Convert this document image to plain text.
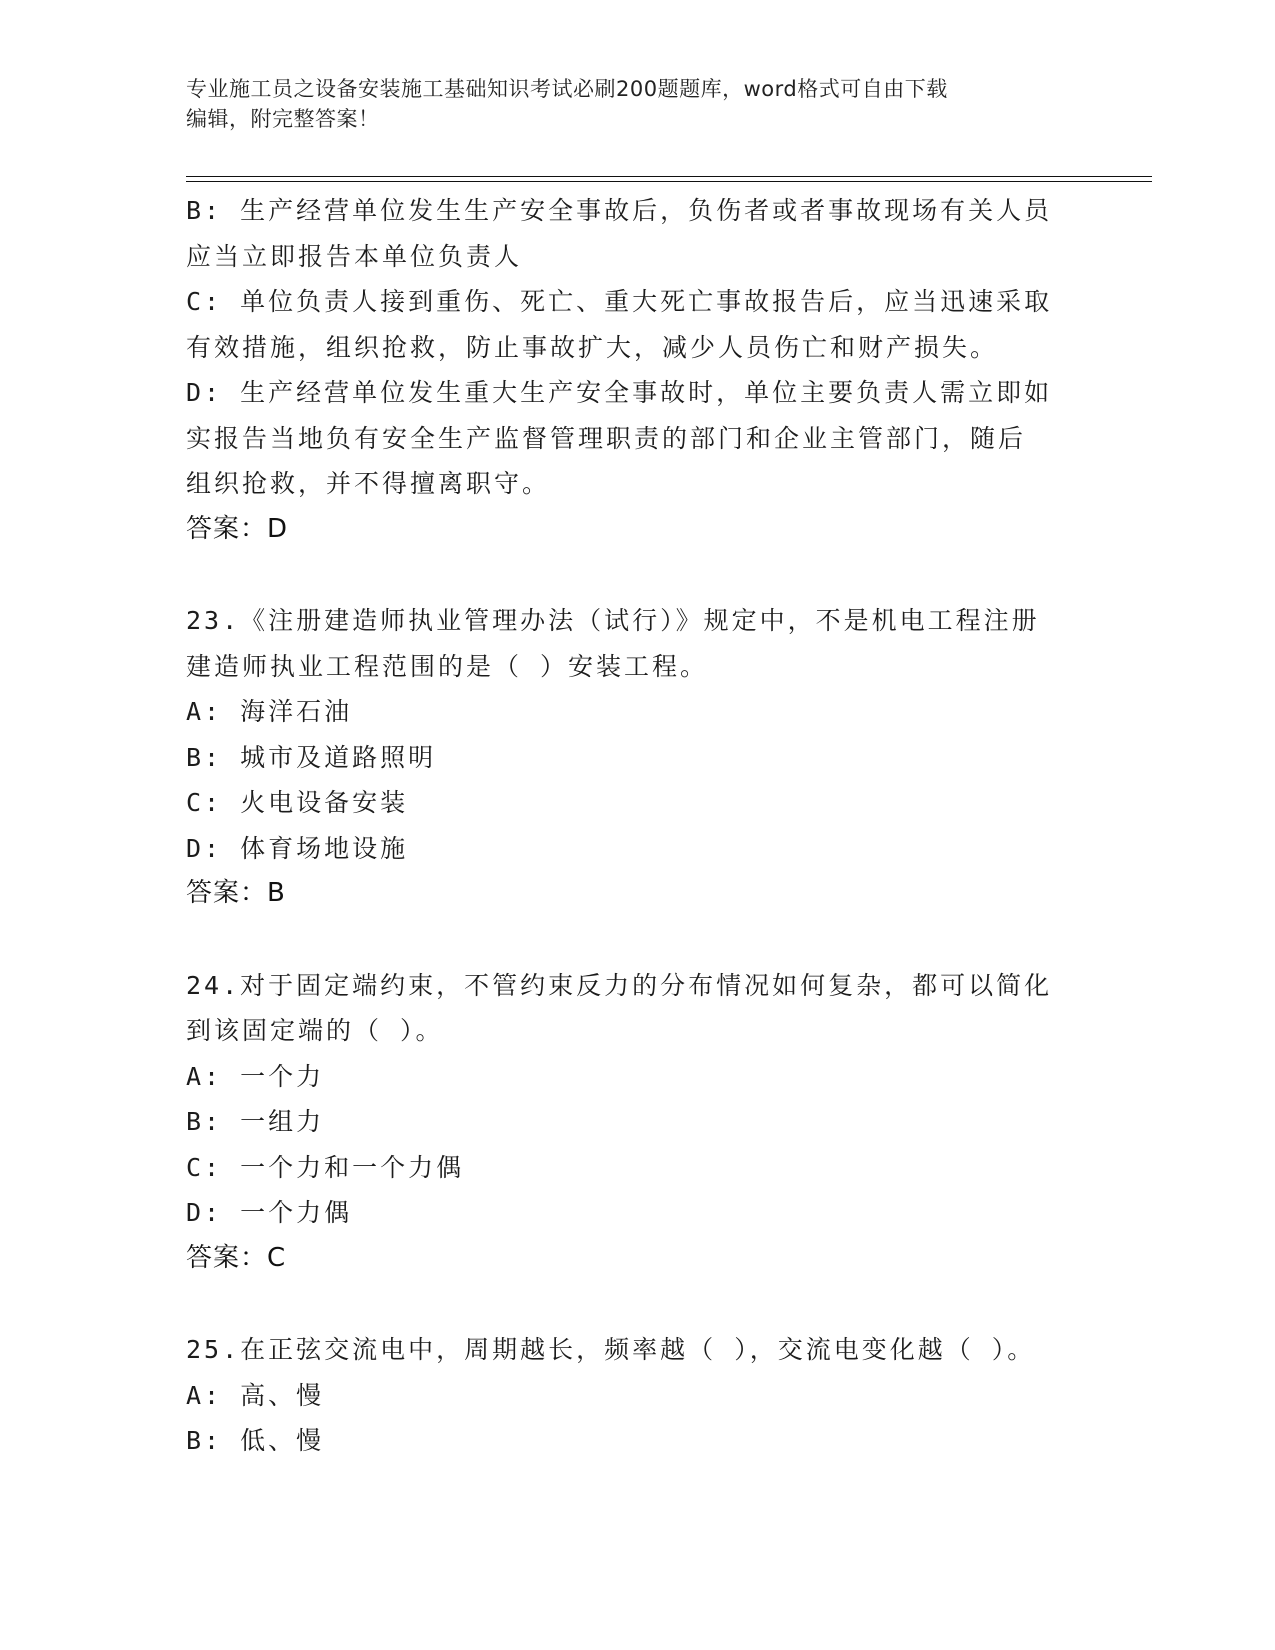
专业施工员之设备安装施工基础知识考试必刷200题题库，word格式可自由下载
编辑，附完整答案！
B: 生产经营单位发生生产安全事故后，负伤者或者事故现场有关人员
应当立即报告本单位负责人
C: 单位负责人接到重伤、死亡、重大死亡事故报告后，应当迅速采取
有效措施，组织抢救，防止事故扩大，减少人员伤亡和财产损失。
D: 生产经营单位发生重大生产安全事故时，单位主要负责人需立即如
实报告当地负有安全生产监督管理职责的部门和企业主管部门，随后
组织抢救，并不得擅离职守。
答案：D
23.《注册建造师执业管理办法（试行）》规定中，不是机电工程注册
建造师执业工程范围的是（ ）安装工程。
A: 海洋石油
B: 城市及道路照明
C: 火电设备安装
D: 体育场地设施
答案：B
24.对于固定端约束，不管约束反力的分布情况如何复杂，都可以简化
到该固定端的（ ）。
A: 一个力
B: 一组力
C: 一个力和一个力偶
D: 一个力偶
答案：C
25.在正弦交流电中，周期越长，频率越（ ），交流电变化越（ ）。
A: 高、慢
B: 低、慢
